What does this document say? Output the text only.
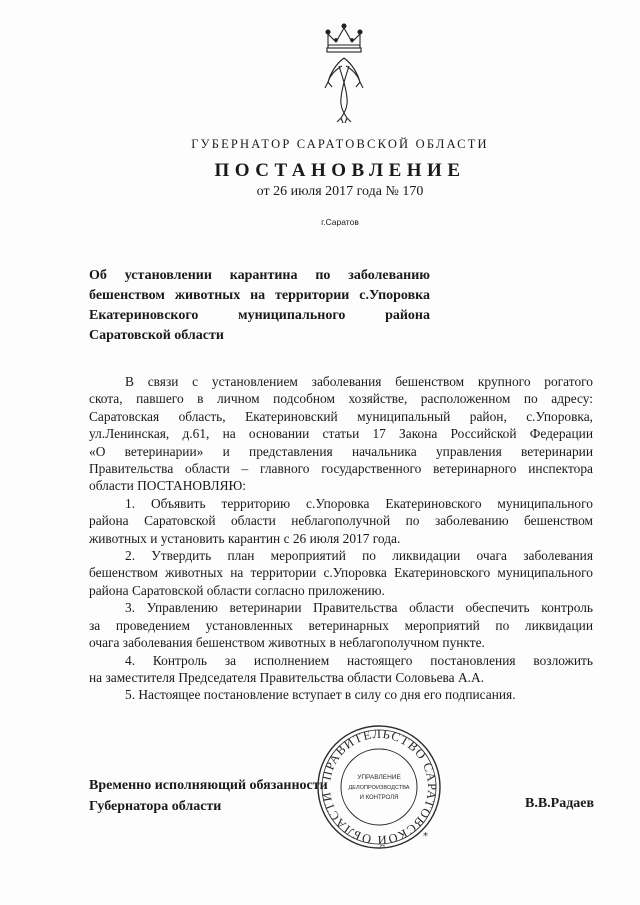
ГУБЕРНАТОР САРАТОВСКОЙ ОБЛАСТИ
ПОСТАНОВЛЕНИЕ
от 26 июля 2017 года № 170
г.Саратов
Об установлении карантина по заболеванию
бешенством животных на территории с.Упоровка
Екатериновского муниципального района
Саратовской области
В связи с установлением заболевания бешенством крупного рогатого
скота, павшего в личном подсобном хозяйстве, расположенном по адресу:
Саратовская область, Екатериновский муниципальный район, с.Упоровка,
ул.Ленинская, д.61, на основании статьи 17 Закона Российской Федерации
«О ветеринарии» и представления начальника управления ветеринарии
Правительства области – главного государственного ветеринарного инспектора
области ПОСТАНОВЛЯЮ:
1. Объявить территорию с.Упоровка Екатериновского муниципального
района Саратовской области неблагополучной по заболеванию бешенством
животных и установить карантин с 26 июля 2017 года.
2. Утвердить план мероприятий по ликвидации очага заболевания
бешенством животных на территории с.Упоровка Екатериновского муниципального
района Саратовской области согласно приложению.
3. Управлению ветеринарии Правительства области обеспечить контроль
за проведением установленных ветеринарных мероприятий по ликвидации
очага заболевания бешенством животных в неблагополучном пункте.
4. Контроль за исполнением настоящего постановления возложить
на заместителя Председателя Правительства области Соловьева А.А.
5. Настоящее постановление вступает в силу со дня его подписания.
Временно исполняющий обязанности
Губернатора области	В.В.Радаев
ПРАВИТЕЛЬСТВО САРАТОВСКОЙ ОБЛАСТИ
*
УПРАВЛЕНИЕ
ДЕЛОПРОИЗВОДСТВА
И КОНТРОЛЯ
